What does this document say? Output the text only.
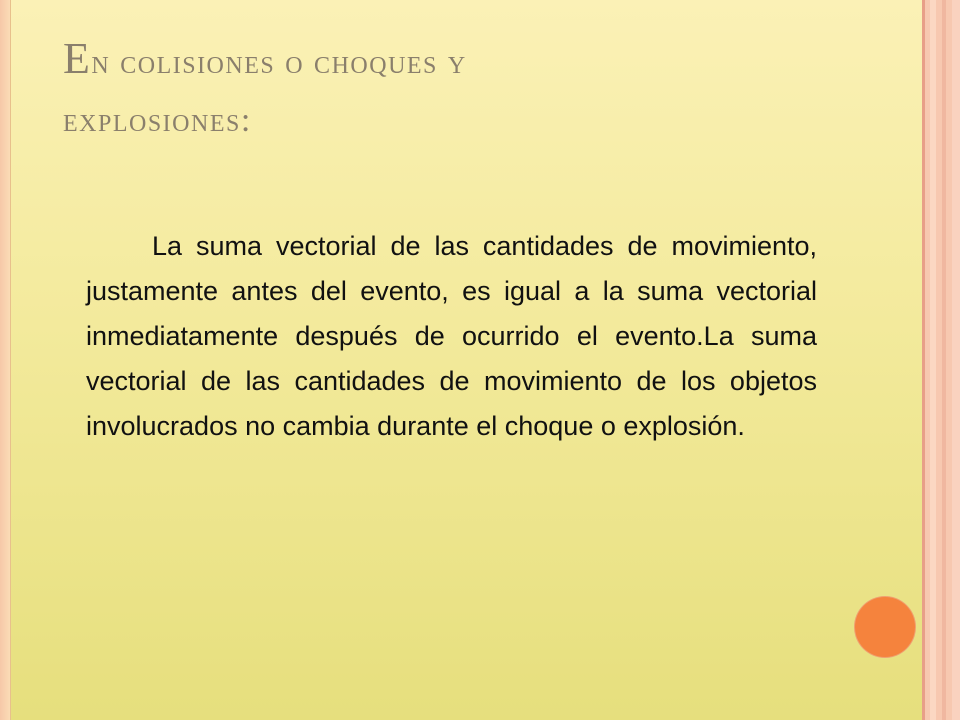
En colisiones o choques y
explosiones:

La suma vectorial de las cantidades de movimiento, justamente antes del evento, es igual a la suma vectorial inmediatamente después de ocurrido el evento.La suma vectorial de las cantidades de movimiento de los objetos involucrados no cambia durante el choque o explosión.
